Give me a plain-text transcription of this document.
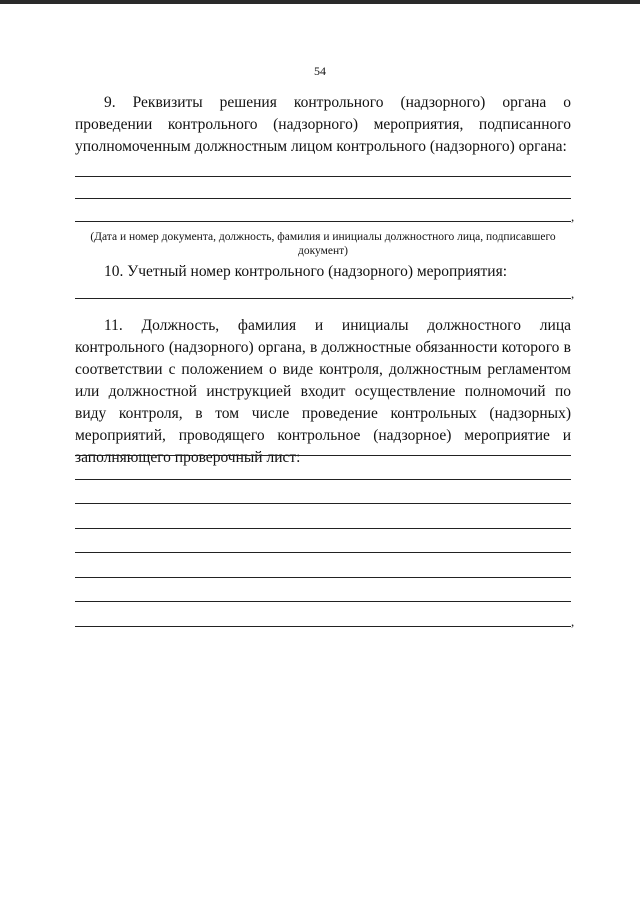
54
9. Реквизиты решения контрольного (надзорного) органа о проведении контрольного (надзорного) мероприятия, подписанного уполномоченным должностным лицом контрольного (надзорного) органа:
,
(Дата и номер документа, должность, фамилия и инициалы должностного лица, подписавшего документ)
10. Учетный номер контрольного (надзорного) мероприятия:
,
11. Должность, фамилия и инициалы должностного лица контрольного (надзорного) органа, в должностные обязанности которого в соответствии с положением о виде контроля, должностным регламентом или должностной инструкцией входит осуществление полномочий по виду контроля, в том числе проведение контрольных (надзорных) мероприятий, проводящего контрольное (надзорное) мероприятие и заполняющего проверочный лист:
,
